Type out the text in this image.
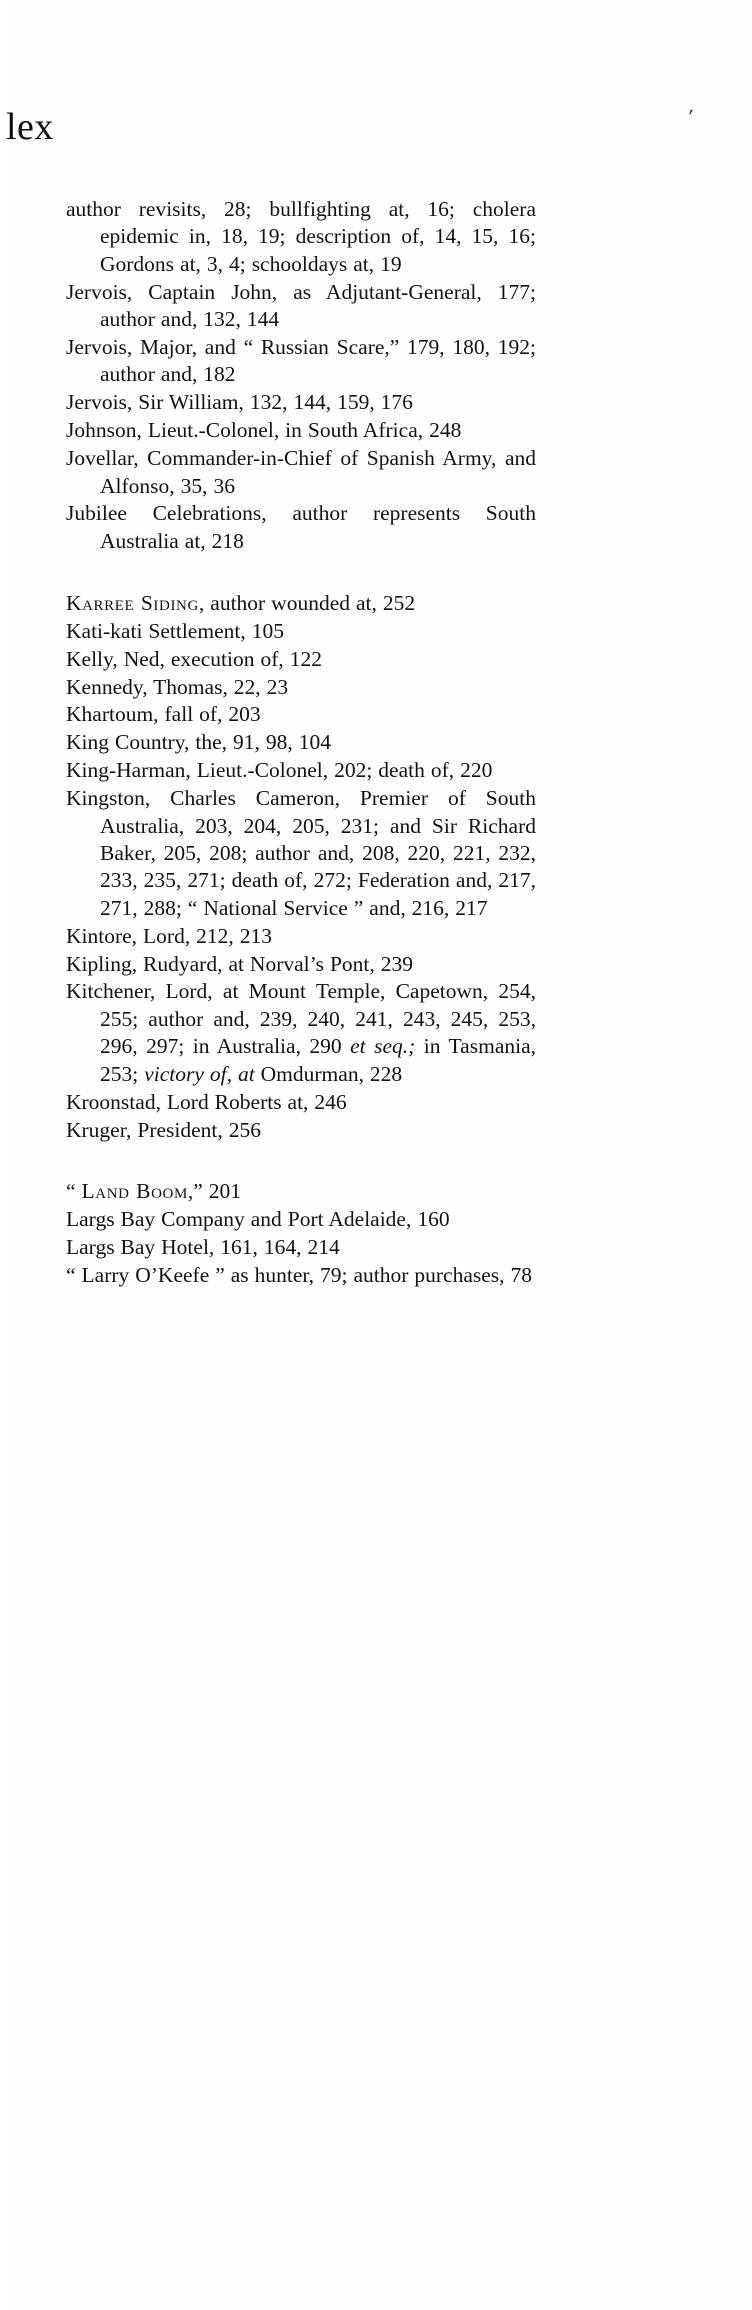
lex	′

author revisits, 28; bullfighting at, 16; cholera epidemic in, 18, 19; description of, 14, 15, 16; Gordons at, 3, 4; schooldays at, 19

Jervois, Captain John, as Adjutant-General, 177; author and, 132, 144

Jervois, Major, and “ Russian Scare,” 179, 180, 192; author and, 182

Jervois, Sir William, 132, 144, 159, 176

Johnson, Lieut.-Colonel, in South Africa, 248

Jovellar, Commander-in-Chief of Spanish Army, and Alfonso, 35, 36

Jubilee Celebrations, author represents South Australia at, 218

Karree Siding, author wounded at, 252

Kati-kati Settlement, 105

Kelly, Ned, execution of, 122

Kennedy, Thomas, 22, 23

Khartoum, fall of, 203

King Country, the, 91, 98, 104

King-Harman, Lieut.-Colonel, 202; death of, 220

Kingston, Charles Cameron, Premier of South Australia, 203, 204, 205, 231; and Sir Richard Baker, 205, 208; author and, 208, 220, 221, 232, 233, 235, 271; death of, 272; Federation and, 217, 271, 288; “ National Service ” and, 216, 217

Kintore, Lord, 212, 213

Kipling, Rudyard, at Norval’s Pont, 239

Kitchener, Lord, at Mount Temple, Capetown, 254, 255; author and, 239, 240, 241, 243, 245, 253, 296, 297; in Australia, 290 et seq.; in Tasmania, 253; victory of, at Omdurman, 228

Kroonstad, Lord Roberts at, 246

Kruger, President, 256

“ Land Boom,” 201

Largs Bay Company and Port Adelaide, 160

Largs Bay Hotel, 161, 164, 214

“ Larry O’Keefe ” as hunter, 79; author purchases, 78
